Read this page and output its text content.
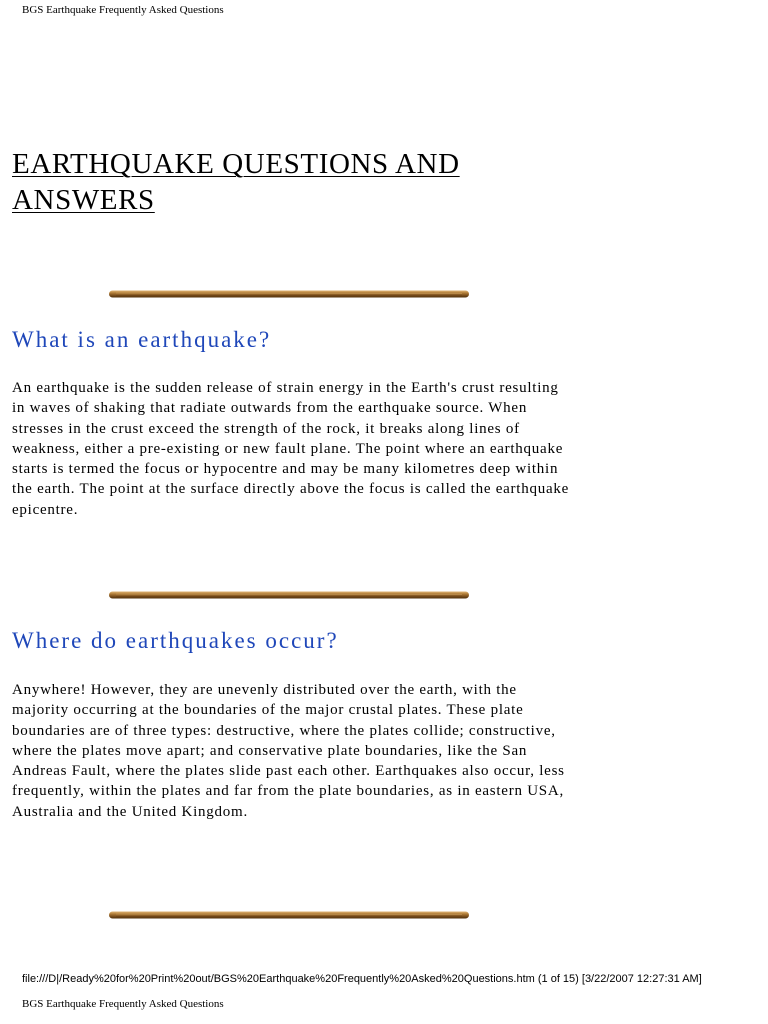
BGS Earthquake Frequently Asked Questions
EARTHQUAKE QUESTIONS AND ANSWERS
What is an earthquake?

An earthquake is the sudden release of strain energy in the Earth's crust resulting in waves of shaking that radiate outwards from the earthquake source. When stresses in the crust exceed the strength of the rock, it breaks along lines of weakness, either a pre-existing or new fault plane. The point where an earthquake starts is termed the focus or hypocentre and may be many kilometres deep within the earth. The point at the surface directly above the focus is called the earthquake epicentre.

Where do earthquakes occur?

Anywhere! However, they are unevenly distributed over the earth, with the majority occurring at the boundaries of the major crustal plates. These plate boundaries are of three types: destructive, where the plates collide; constructive, where the plates move apart; and conservative plate boundaries, like the San Andreas Fault, where the plates slide past each other. Earthquakes also occur, less frequently, within the plates and far from the plate boundaries, as in eastern USA, Australia and the United Kingdom.

file:///D|/Ready%20for%20Print%20out/BGS%20Earthquake%20Frequently%20Asked%20Questions.htm (1 of 15) [3/22/2007 12:27:31 AM]
BGS Earthquake Frequently Asked Questions
